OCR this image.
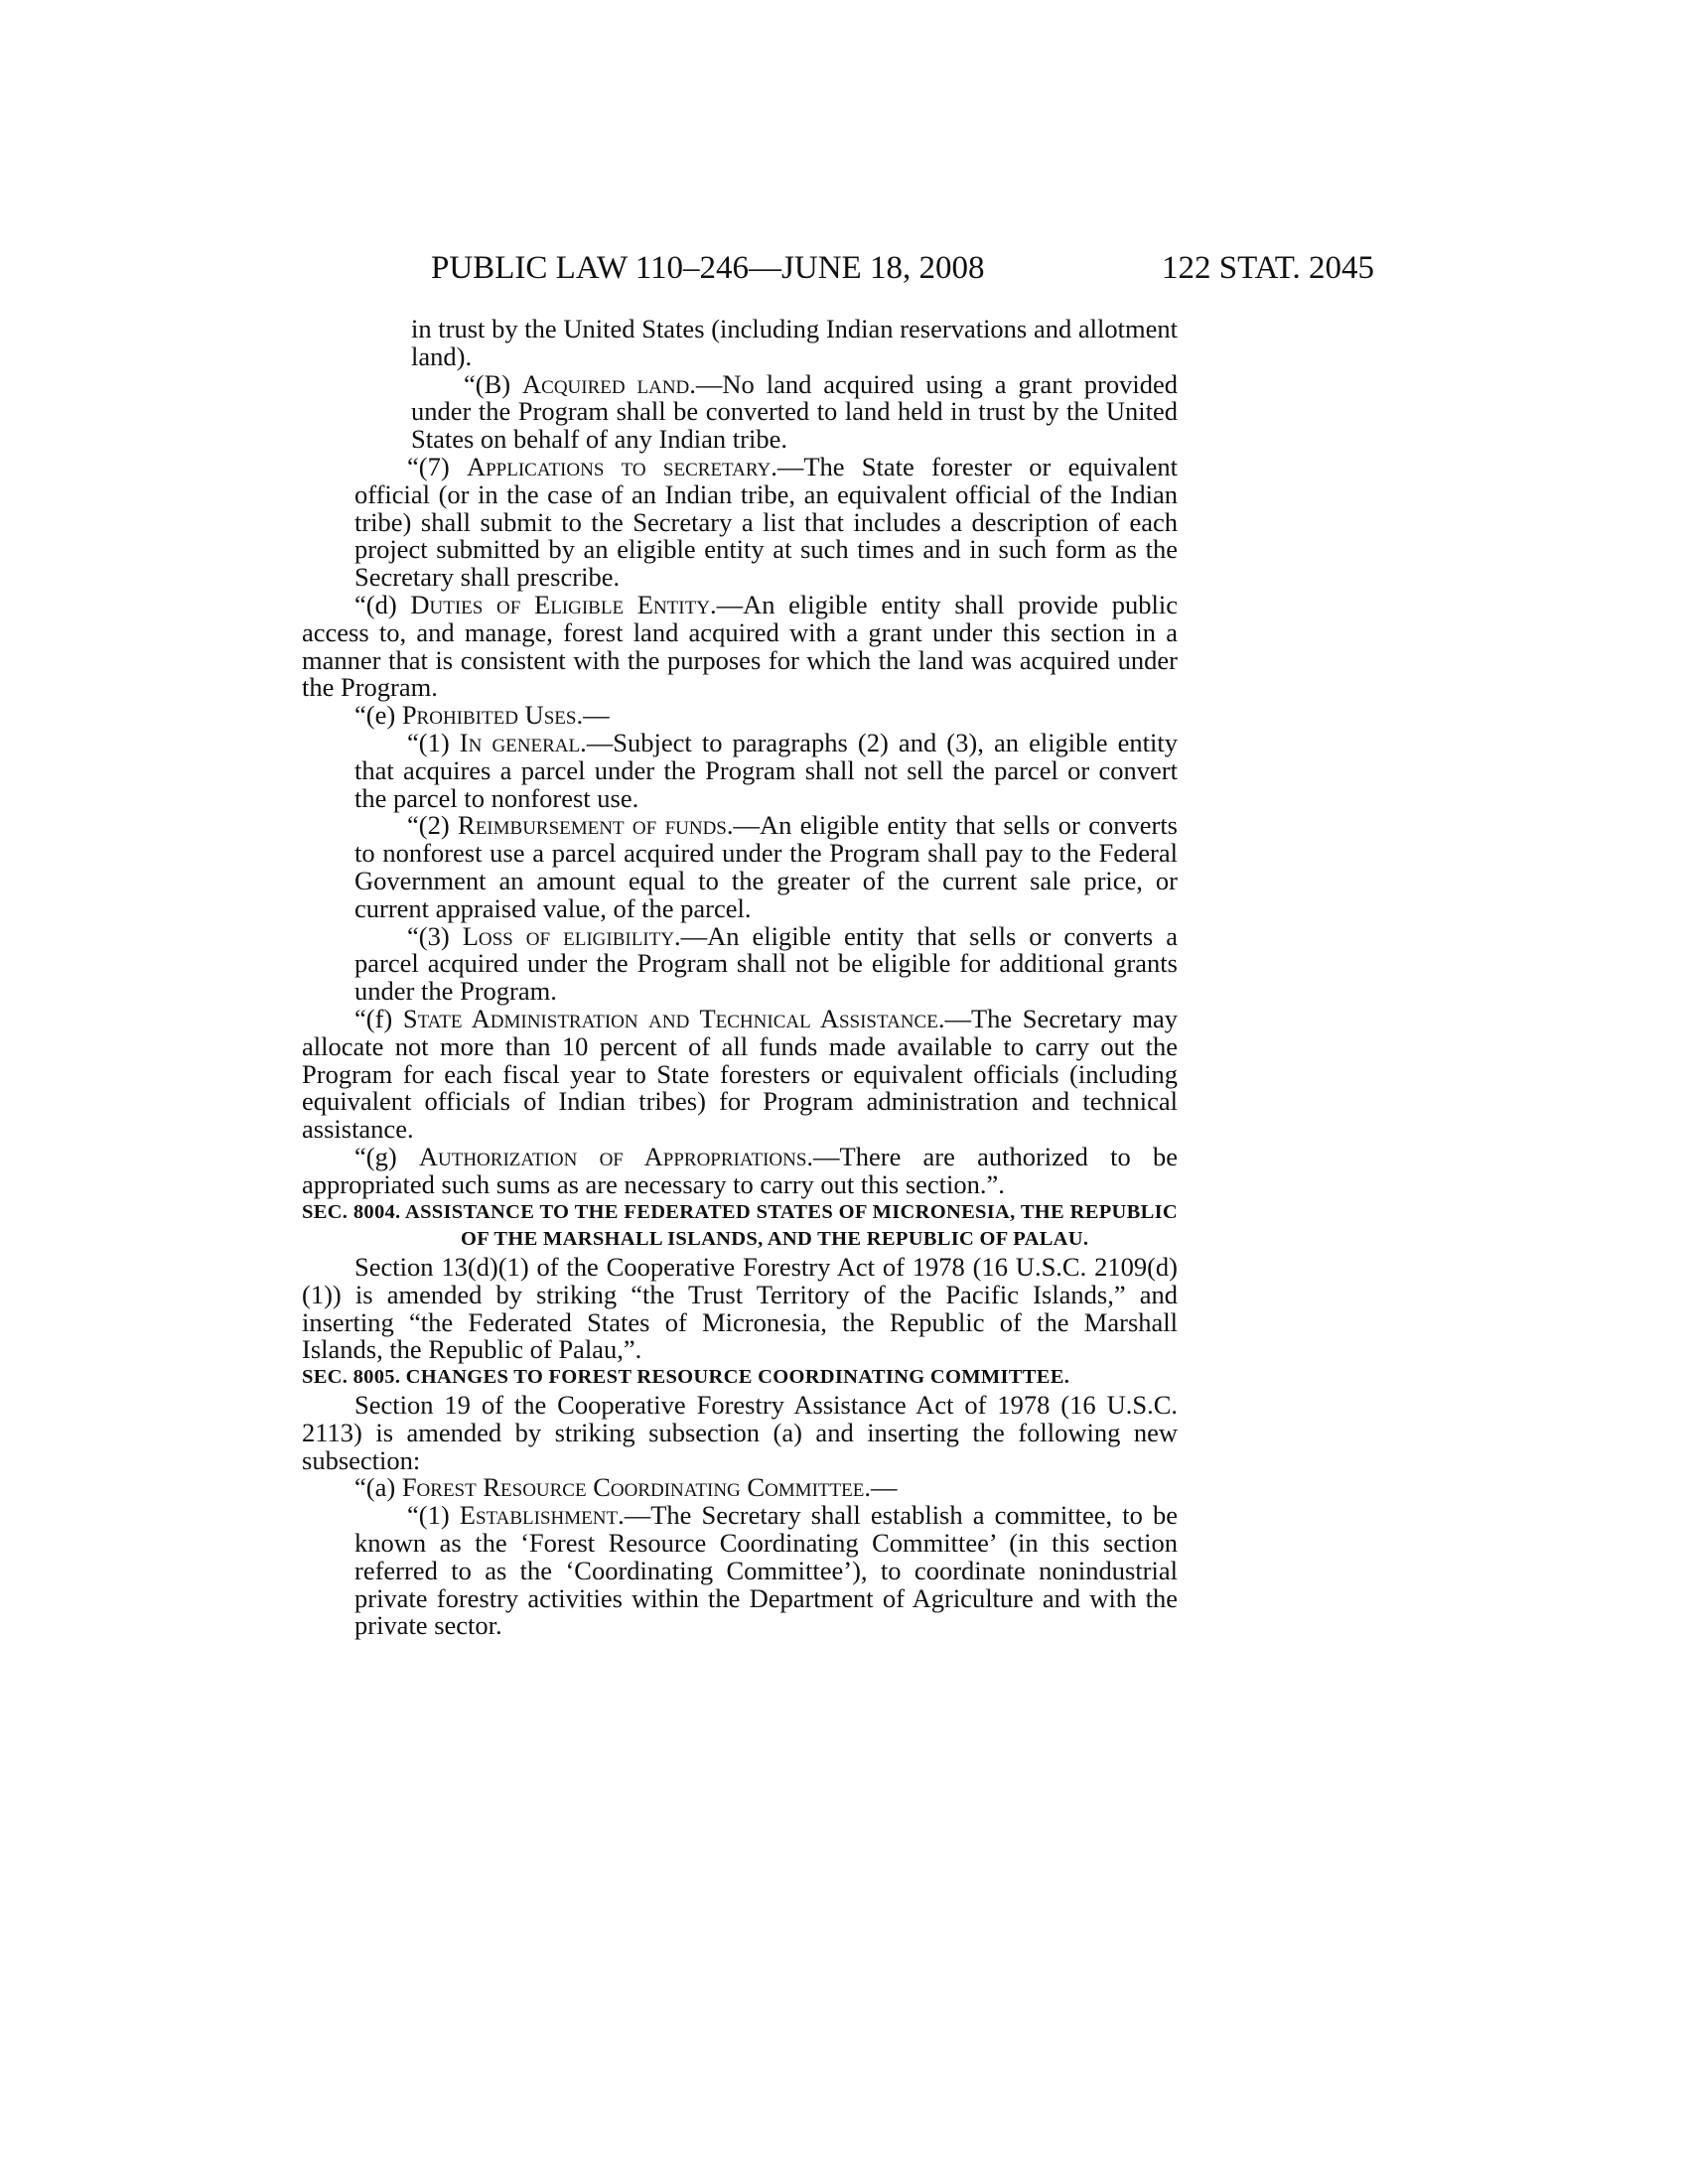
PUBLIC LAW 110–246—JUNE 18, 2008	122 STAT. 2045

in trust by the United States (including Indian reservations and allotment land).

“(B) Acquired land.—No land acquired using a grant provided under the Program shall be converted to land held in trust by the United States on behalf of any Indian tribe.

“(7) Applications to secretary.—The State forester or equivalent official (or in the case of an Indian tribe, an equivalent official of the Indian tribe) shall submit to the Secretary a list that includes a description of each project submitted by an eligible entity at such times and in such form as the Secretary shall prescribe.

“(d) Duties of Eligible Entity.—An eligible entity shall provide public access to, and manage, forest land acquired with a grant under this section in a manner that is consistent with the purposes for which the land was acquired under the Program.

“(e) Prohibited Uses.—

“(1) In general.—Subject to paragraphs (2) and (3), an eligible entity that acquires a parcel under the Program shall not sell the parcel or convert the parcel to nonforest use.

“(2) Reimbursement of funds.—An eligible entity that sells or converts to nonforest use a parcel acquired under the Program shall pay to the Federal Government an amount equal to the greater of the current sale price, or current appraised value, of the parcel.

“(3) Loss of eligibility.—An eligible entity that sells or converts a parcel acquired under the Program shall not be eligible for additional grants under the Program.

“(f) State Administration and Technical Assistance.—The Secretary may allocate not more than 10 percent of all funds made available to carry out the Program for each fiscal year to State foresters or equivalent officials (including equivalent officials of Indian tribes) for Program administration and technical assistance.

“(g) Authorization of Appropriations.—There are authorized to be appropriated such sums as are necessary to carry out this section.”.

SEC. 8004. ASSISTANCE TO THE FEDERATED STATES OF MICRONESIA, THE REPUBLIC OF THE MARSHALL ISLANDS, AND THE REPUBLIC OF PALAU.

Section 13(d)(1) of the Cooperative Forestry Act of 1978 (16 U.S.C. 2109(d)(1)) is amended by striking “the Trust Territory of the Pacific Islands,” and inserting “the Federated States of Micronesia, the Republic of the Marshall Islands, the Republic of Palau,”.

SEC. 8005. CHANGES TO FOREST RESOURCE COORDINATING COMMITTEE.

Section 19 of the Cooperative Forestry Assistance Act of 1978 (16 U.S.C. 2113) is amended by striking subsection (a) and inserting the following new subsection:

“(a) Forest Resource Coordinating Committee.—

“(1) Establishment.—The Secretary shall establish a committee, to be known as the ‘Forest Resource Coordinating Committee’ (in this section referred to as the ‘Coordinating Committee’), to coordinate nonindustrial private forestry activities within the Department of Agriculture and with the private sector.
